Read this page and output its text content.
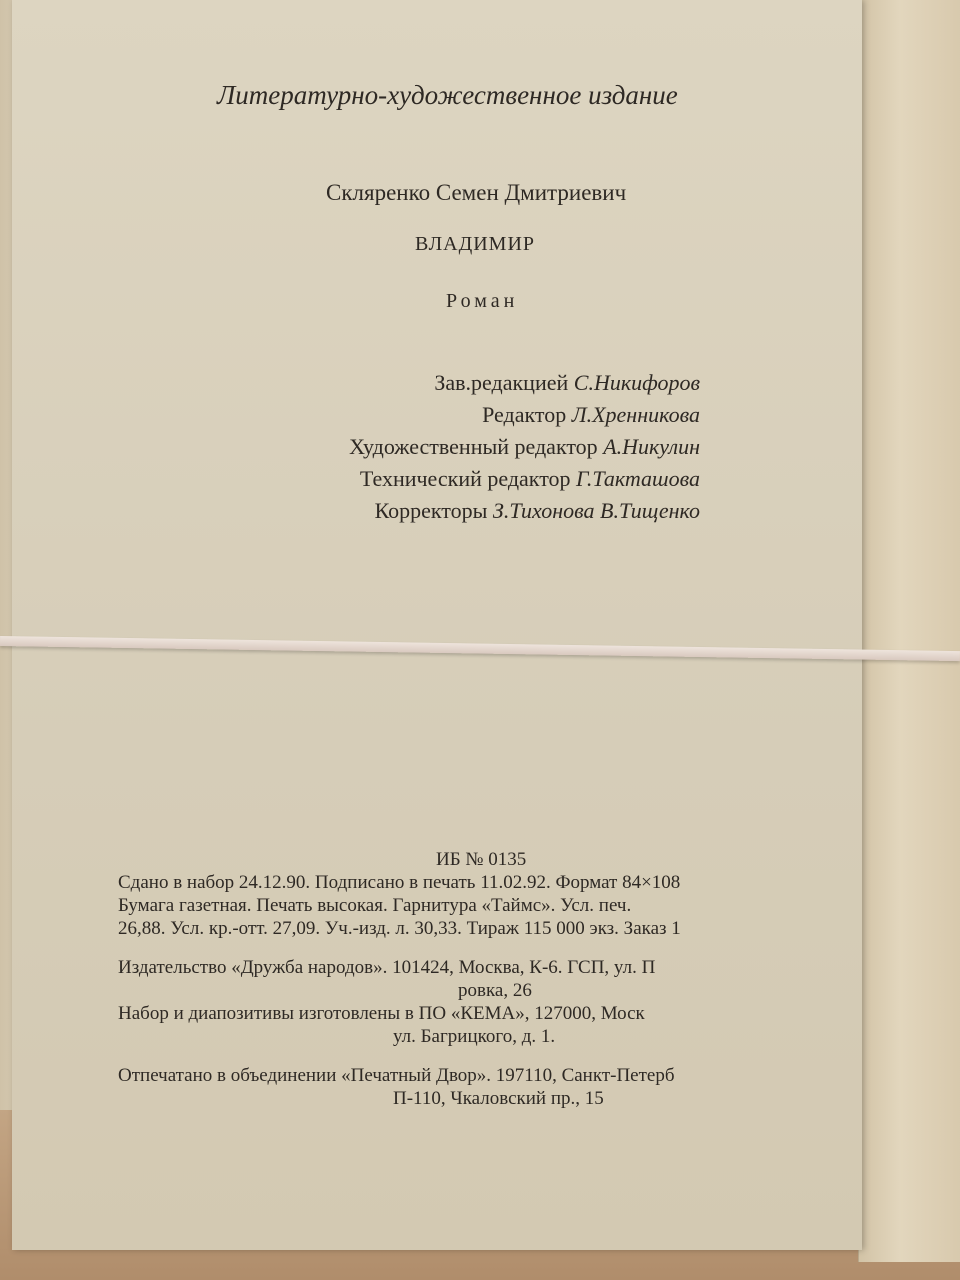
Литературно-художественное издание
Скляренко Семен Дмитриевич
ВЛАДИМИР
Роман
Зав.редакцией С.Никифоров
Редактор Л.Хренникова
Художественный редактор А.Никулин
Технический редактор Г.Такташова
Корректоры З.Тихонова В.Тищенко
ИБ № 0135
Сдано в набор 24.12.90. Подписано в печать 11.02.92. Формат 84×108
Бумага газетная. Печать высокая. Гарнитура «Таймс». Усл. печ.
26,88. Усл. кр.-отт. 27,09. Уч.-изд. л. 30,33. Тираж 115 000 экз. Заказ 1
Издательство «Дружба народов». 101424, Москва, К-6. ГСП, ул. П
ровка, 26
Набор и диапозитивы изготовлены в ПО «КЕМА», 127000, Моск
ул. Багрицкого, д. 1.
Отпечатано в объединении «Печатный Двор». 197110, Санкт-Петерб
П-110, Чкаловский пр., 15
